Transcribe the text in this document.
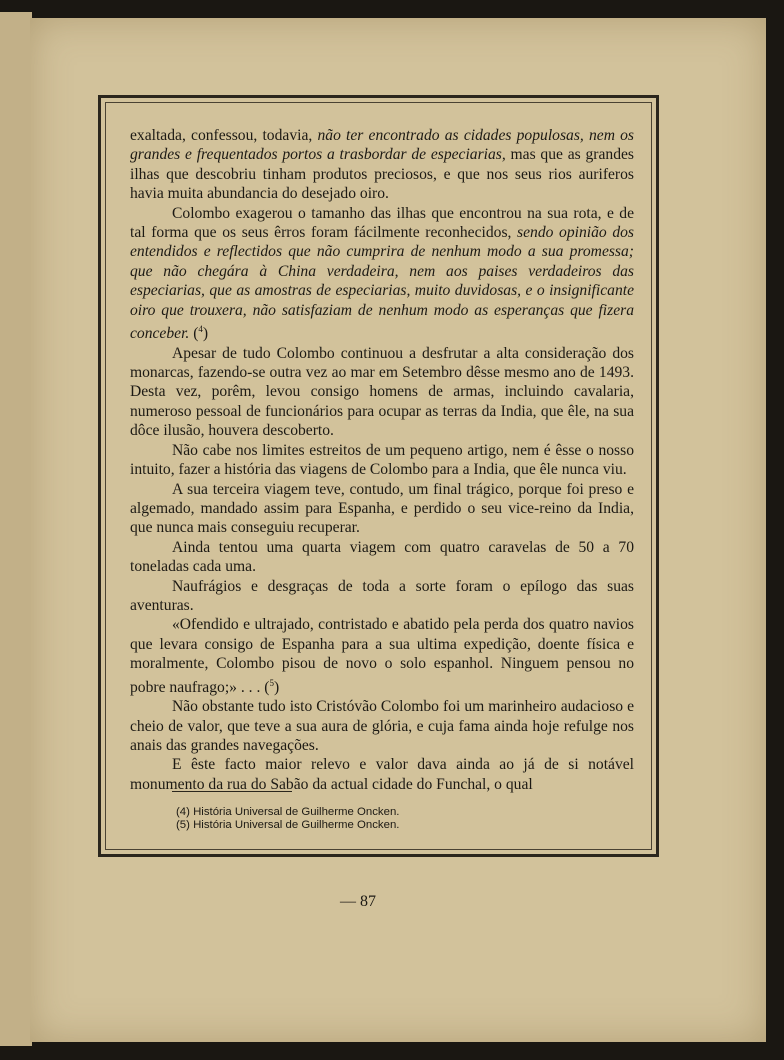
exaltada, confessou, todavia, não ter encontrado as cidades populosas, nem os grandes e frequentados portos a trasbordar de especiarias, mas que as grandes ilhas que descobriu tinham produtos preciosos, e que nos seus rios auriferos havia muita abundancia do desejado oiro.

Colombo exagerou o tamanho das ilhas que encontrou na sua rota, e de tal forma que os seus êrros foram fácilmente reconhecidos, sendo opinião dos entendidos e reflectidos que não cumprira de nenhum modo a sua promessa; que não chegára à China verdadeira, nem aos paises verdadeiros das especiarias, que as amostras de especiarias, muito duvidosas, e o insignificante oiro que trouxera, não satisfaziam de nenhum modo as esperanças que fizera conceber. ($^4$)

Apesar de tudo Colombo continuou a desfrutar a alta consideração dos monarcas, fazendo-se outra vez ao mar em Setembro dêsse mesmo ano de 1493. Desta vez, porêm, levou consigo homens de armas, incluindo cavalaria, numeroso pessoal de funcionários para ocupar as terras da India, que êle, na sua dôce ilusão, houvera descoberto.

Não cabe nos limites estreitos de um pequeno artigo, nem é êsse o nosso intuito, fazer a história das viagens de Colombo para a India, que êle nunca viu.

A sua terceira viagem teve, contudo, um final trágico, porque foi preso e algemado, mandado assim para Espanha, e perdido o seu vice-reino da India, que nunca mais conseguiu recuperar.

Ainda tentou uma quarta viagem com quatro caravelas de 50 a 70 toneladas cada uma.

Naufrágios e desgraças de toda a sorte foram o epílogo das suas aventuras.

«Ofendido e ultrajado, contristado e abatido pela perda dos quatro navios que levara consigo de Espanha para a sua ultima expedição, doente física e moralmente, Colombo pisou de novo o solo espanhol. Ninguem pensou no pobre naufrago;» . . . ($^5$)

Não obstante tudo isto Cristóvão Colombo foi um marinheiro audacioso e cheio de valor, que teve a sua aura de glória, e cuja fama ainda hoje refulge nos anais das grandes navegações.

E êste facto maior relevo e valor dava ainda ao já de si notável monumento da rua do Sabão da actual cidade do Funchal, o qual

(4) História Universal de Guilherme Oncken.
(5) História Universal de Guilherme Oncken.
— 87
